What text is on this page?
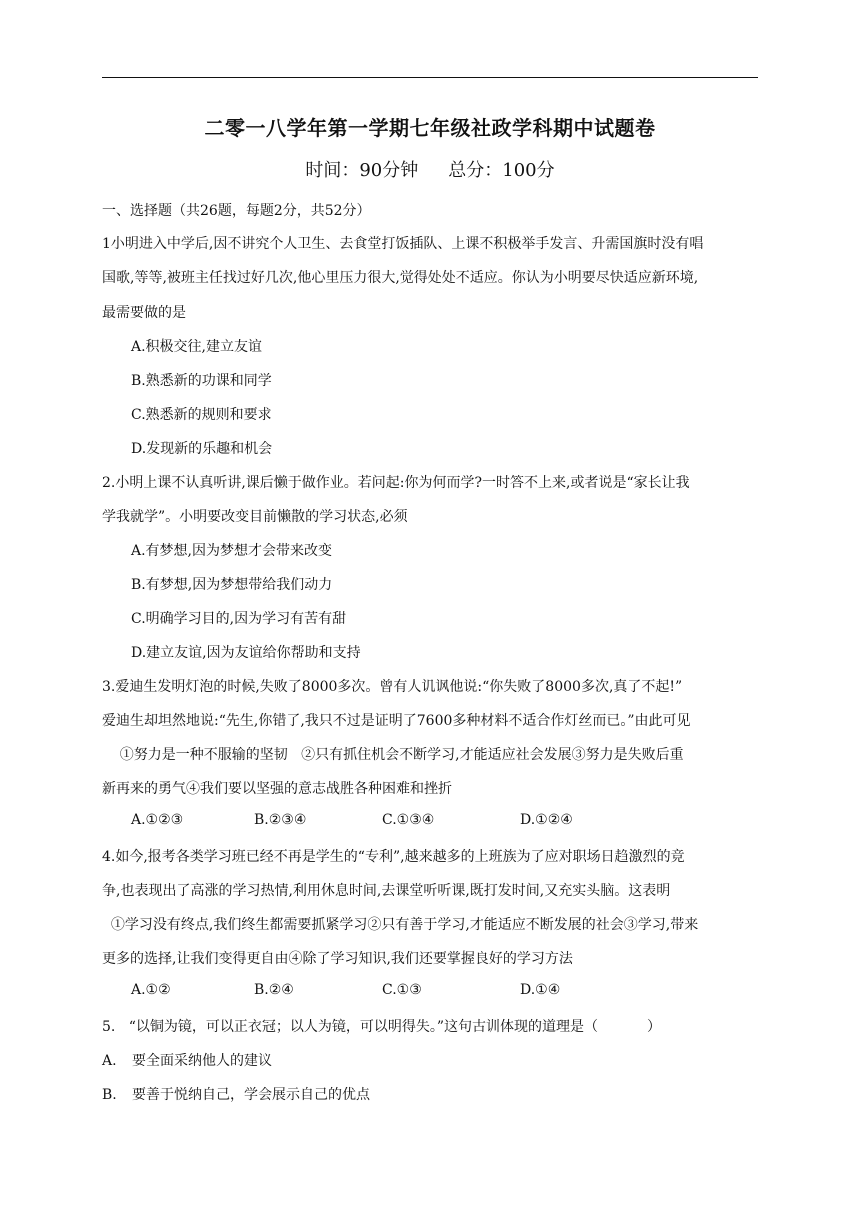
二零一八学年第一学期七年级社政学科期中试题卷
时间：90分钟 总分：100分
一、选择题（共26题，每题2分，共52分）
1小明进入中学后,因不讲究个人卫生、去食堂打饭插队、上课不积极举手发言、升需国旗时没有唱
国歌,等等,被班主任找过好几次,他心里压力很大,觉得处处不适应。你认为小明要尽快适应新环境,
最需要做的是
A.积极交往,建立友谊
B.熟悉新的功课和同学
C.熟悉新的规则和要求
D.发现新的乐趣和机会
2.小明上课不认真听讲,课后懒于做作业。若问起:你为何而学?一时答不上来,或者说是“家长让我
学我就学”。小明要改变目前懒散的学习状态,必须
A.有梦想,因为梦想才会带来改变
B.有梦想,因为梦想带给我们动力
C.明确学习目的,因为学习有苦有甜
D.建立友谊,因为友谊给你帮助和支持
3.爱迪生发明灯泡的时候,失败了8000多次。曾有人讥讽他说:“你失败了8000多次,真了不起!”
爱迪生却坦然地说:“先生,你错了,我只不过是证明了7600多种材料不适合作灯丝而已。”由此可见
①努力是一种不服输的坚韧   ②只有抓住机会不断学习,才能适应社会发展③努力是失败后重
新再来的勇气④我们要以坚强的意志战胜各种困难和挫折
A.①②③	B.②③④	C.①③④	D.①②④
4.如今,报考各类学习班已经不再是学生的“专利”,越来越多的上班族为了应对职场日趋激烈的竞
争,也表现出了高涨的学习热情,利用休息时间,去课堂听听课,既打发时间,又充实头脑。这表明
①学习没有终点,我们终生都需要抓紧学习②只有善于学习,才能适应不断发展的社会③学习,带来
更多的选择,让我们变得更自由④除了学习知识,我们还要掌握良好的学习方法
A.①②	B.②④	C.①③	D.①④
5.   “以铜为镜，可以正衣冠；以人为镜，可以明得失。”这句古训体现的道理是（           ）
A. 要全面采纳他人的建议
B. 要善于悦纳自己，学会展示自己的优点
